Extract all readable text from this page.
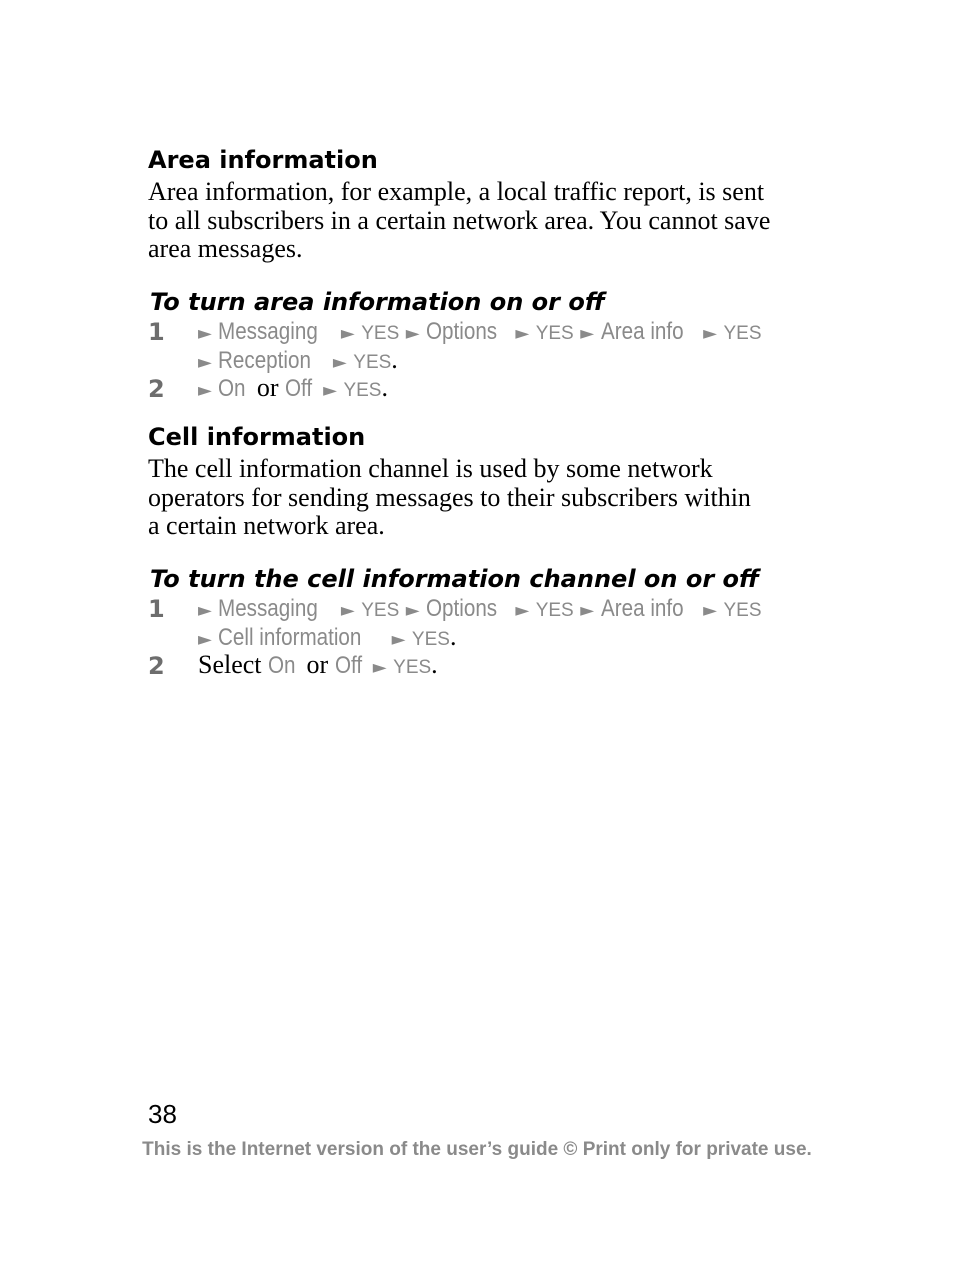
Area information
Area information, for example, a local traffic report, is sent
to all subscribers in a certain network area. You cannot save
area messages.
To turn area information on or off
1 ► Messaging ► YES ► Options ► YES ► Area info ► YES
► Reception ► YES.
2 ► On or Off ► YES.
Cell information
The cell information channel is used by some network
operators for sending messages to their subscribers within
a certain network area.
To turn the cell information channel on or off
1 ► Messaging ► YES ► Options ► YES ► Area info ► YES
► Cell information ► YES.
2 Select On or Off ► YES.
38
This is the Internet version of the user’s guide © Print only for private use.
